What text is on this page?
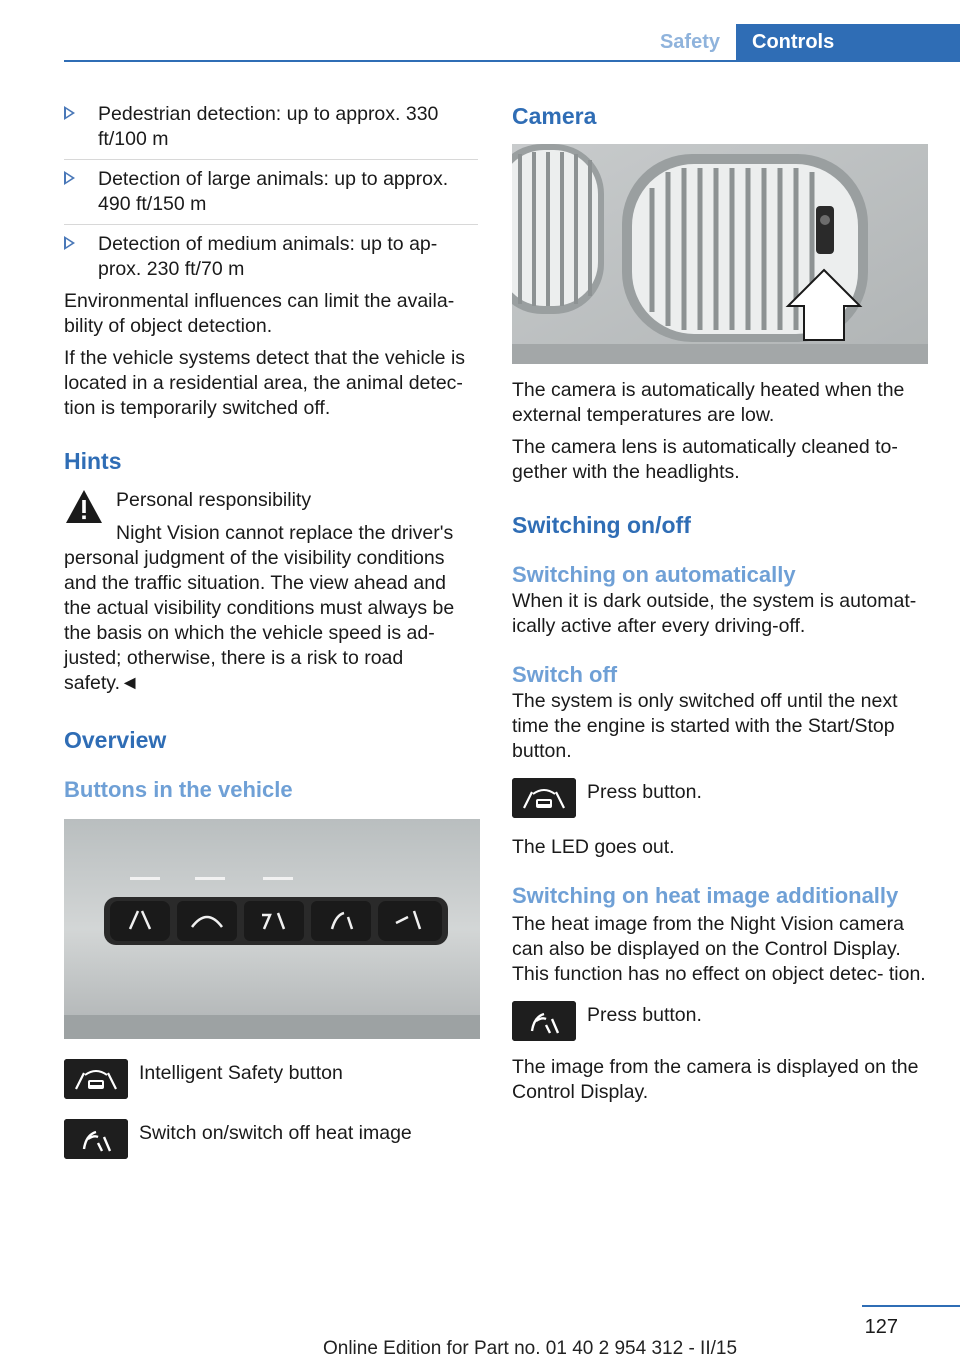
Safety	Controls
Pedestrian detection: up to approx. 330 ft/100 m
Detection of large animals: up to approx. 490 ft/150 m
Detection of medium animals: up to ap‐ prox. 230 ft/70 m

Environmental influences can limit the availa‐ bility of object detection.

If the vehicle systems detect that the vehicle is located in a residential area, the animal detec‐ tion is temporarily switched off.

Hints

Personal responsibility

Night Vision cannot replace the driver's personal judgment of the visibility conditions and the traffic situation. The view ahead and the actual visibility conditions must always be the basis on which the vehicle speed is ad‐ justed; otherwise, there is a risk to road safety.◄

Overview
Buttons in the vehicle
Intelligent Safety button
Switch on/switch off heat image
Camera

The camera is automatically heated when the external temperatures are low.

The camera lens is automatically cleaned to‐ gether with the headlights.

Switching on/off
Switching on automatically

When it is dark outside, the system is automat‐ ically active after every driving-off.

Switch off

The system is only switched off until the next time the engine is started with the Start/Stop button.

Press button.

The LED goes out.

Switching on heat image additionally

The heat image from the Night Vision camera can also be displayed on the Control Display. This function has no effect on object detec‐ tion.

Press button.

The image from the camera is displayed on the Control Display.

127
Online Edition for Part no. 01 40 2 954 312 - II/15
